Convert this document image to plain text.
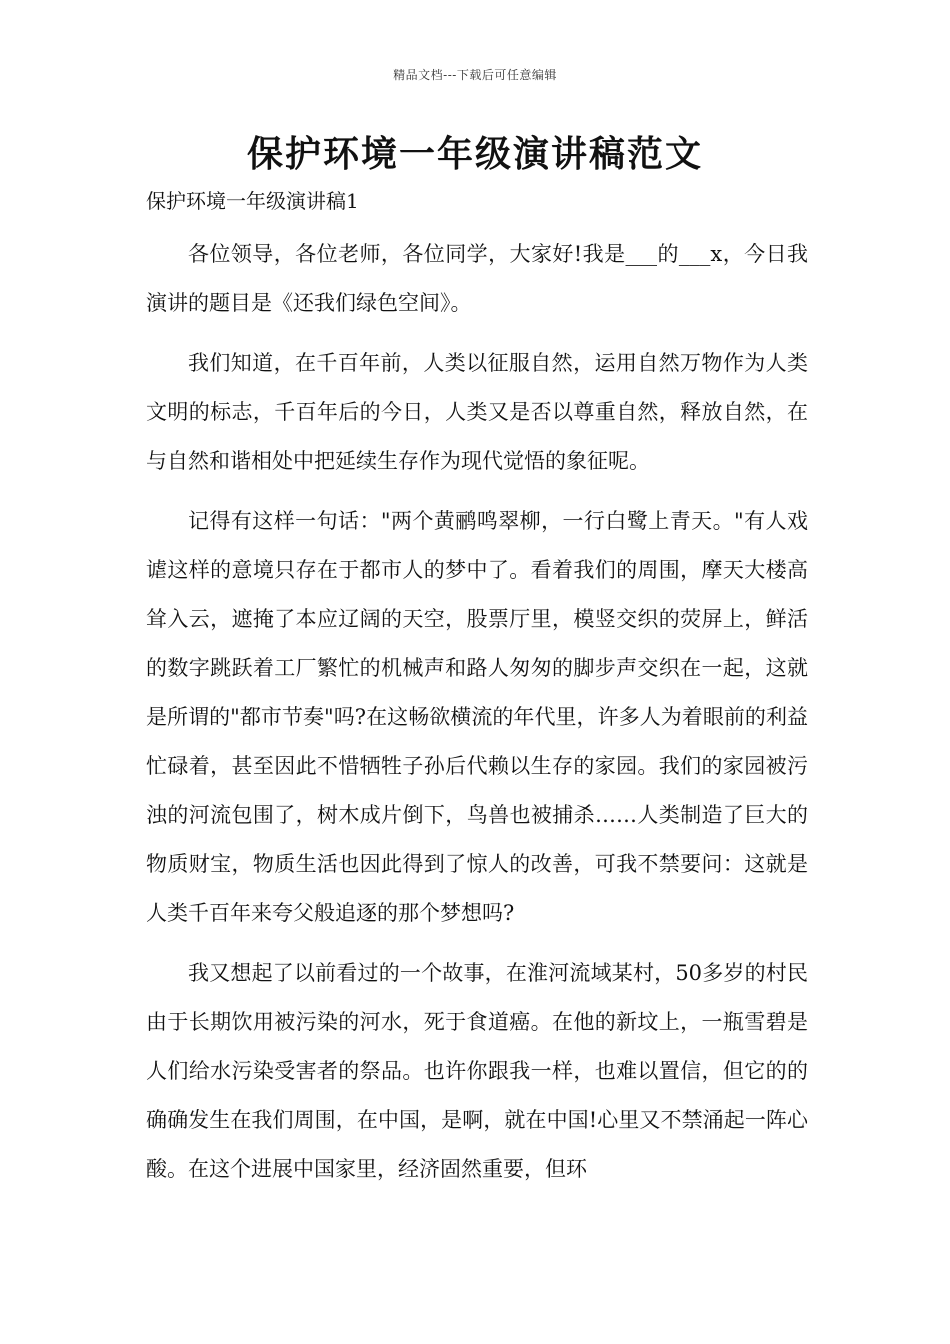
精品文档---下载后可任意编辑
保护环境一年级演讲稿范文

保护环境一年级演讲稿1

各位领导，各位老师，各位同学，大家好!我是___的___x，今日我演讲的题目是《还我们绿色空间》。

我们知道，在千百年前，人类以征服自然，运用自然万物作为人类文明的标志，千百年后的今日，人类又是否以尊重自然，释放自然，在与自然和谐相处中把延续生存作为现代觉悟的象征呢。

记得有这样一句话："两个黄鹂鸣翠柳，一行白鹭上青天。"有人戏谑这样的意境只存在于都市人的梦中了。看着我们的周围，摩天大楼高耸入云，遮掩了本应辽阔的天空，股票厅里，模竖交织的荧屏上，鲜活的数字跳跃着工厂繁忙的机械声和路人匆匆的脚步声交织在一起，这就是所谓的"都市节奏"吗?在这畅欲横流的年代里，许多人为着眼前的利益忙碌着，甚至因此不惜牺牲子孙后代赖以生存的家园。我们的家园被污浊的河流包围了，树木成片倒下，鸟兽也被捕杀……人类制造了巨大的物质财宝，物质生活也因此得到了惊人的改善，可我不禁要问：这就是人类千百年来夸父般追逐的那个梦想吗?

我又想起了以前看过的一个故事，在淮河流域某村，50多岁的村民由于长期饮用被污染的河水，死于食道癌。在他的新坟上，一瓶雪碧是人们给水污染受害者的祭品。也许你跟我一样，也难以置信，但它的的确确发生在我们周围，在中国，是啊，就在中国!心里又不禁涌起一阵心酸。在这个进展中国家里，经济固然重要，但环
